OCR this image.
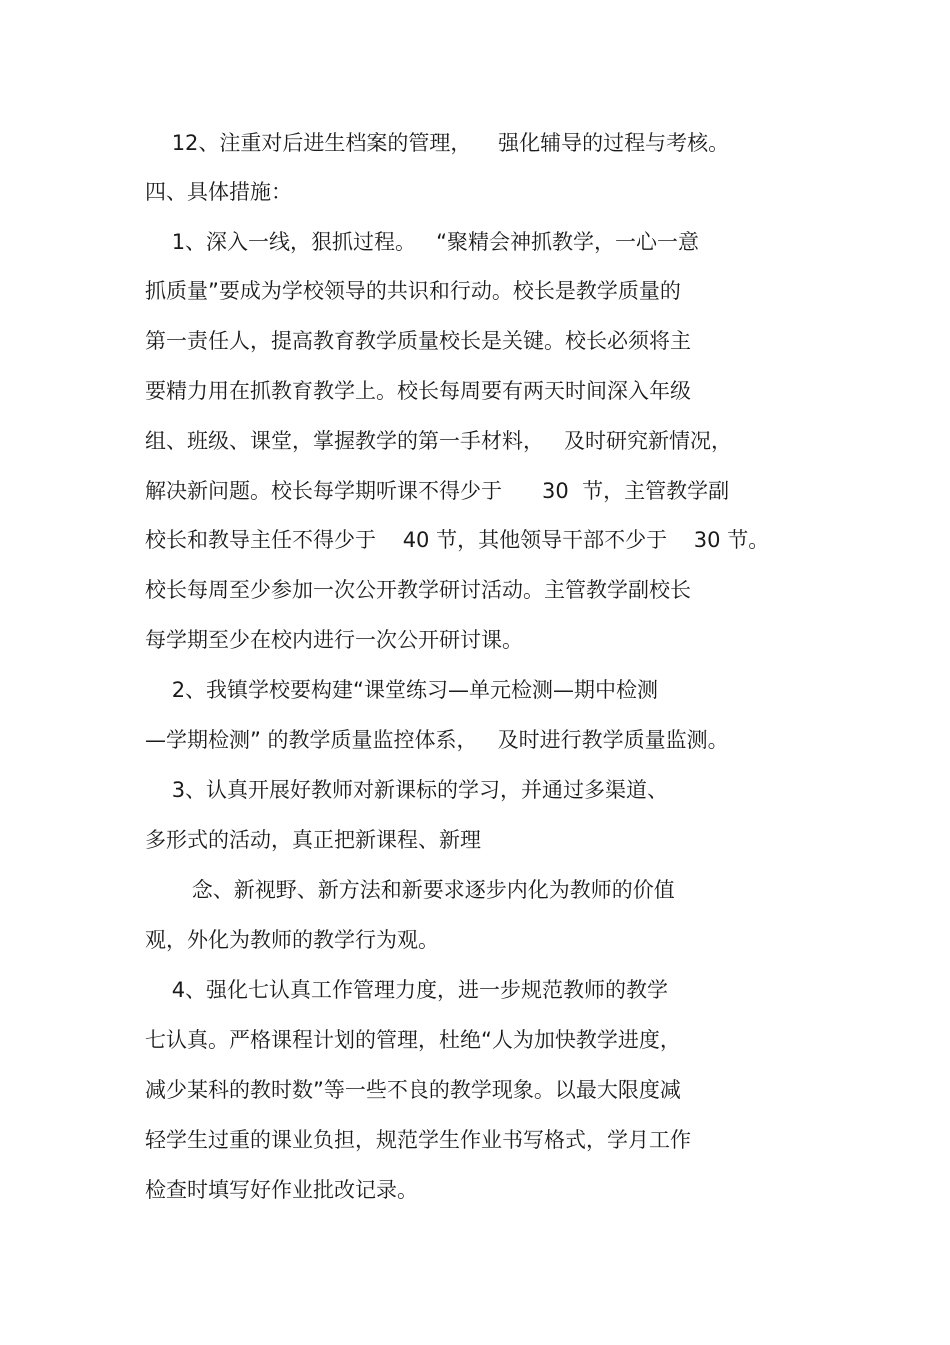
12、注重对后进生档案的管理，    强化辅导的过程与考核。
四、具体措施：
1、深入一线，狠抓过程。   “聚精会神抓教学，一心一意
抓质量”要成为学校领导的共识和行动。校长是教学质量的
第一责任人，提高教育教学质量校长是关键。校长必须将主
要精力用在抓教育教学上。校长每周要有两天时间深入年级
组、班级、课堂，掌握教学的第一手材料，   及时研究新情况，
解决新问题。校长每学期听课不得少于      30  节，主管教学副
校长和教导主任不得少于    40 节，其他领导干部不少于    30 节。
校长每周至少参加一次公开教学研讨活动。主管教学副校长
每学期至少在校内进行一次公开研讨课。
2、我镇学校要构建“课堂练习—单元检测—期中检测
—学期检测” 的教学质量监控体系，   及时进行教学质量监测。
3、认真开展好教师对新课标的学习，并通过多渠道、
多形式的活动，真正把新课程、新理
念、新视野、新方法和新要求逐步内化为教师的价值
观，外化为教师的教学行为观。
4、强化七认真工作管理力度，进一步规范教师的教学
七认真。严格课程计划的管理，杜绝“人为加快教学进度，
减少某科的教时数”等一些不良的教学现象。以最大限度减
轻学生过重的课业负担，规范学生作业书写格式，学月工作
检查时填写好作业批改记录。
